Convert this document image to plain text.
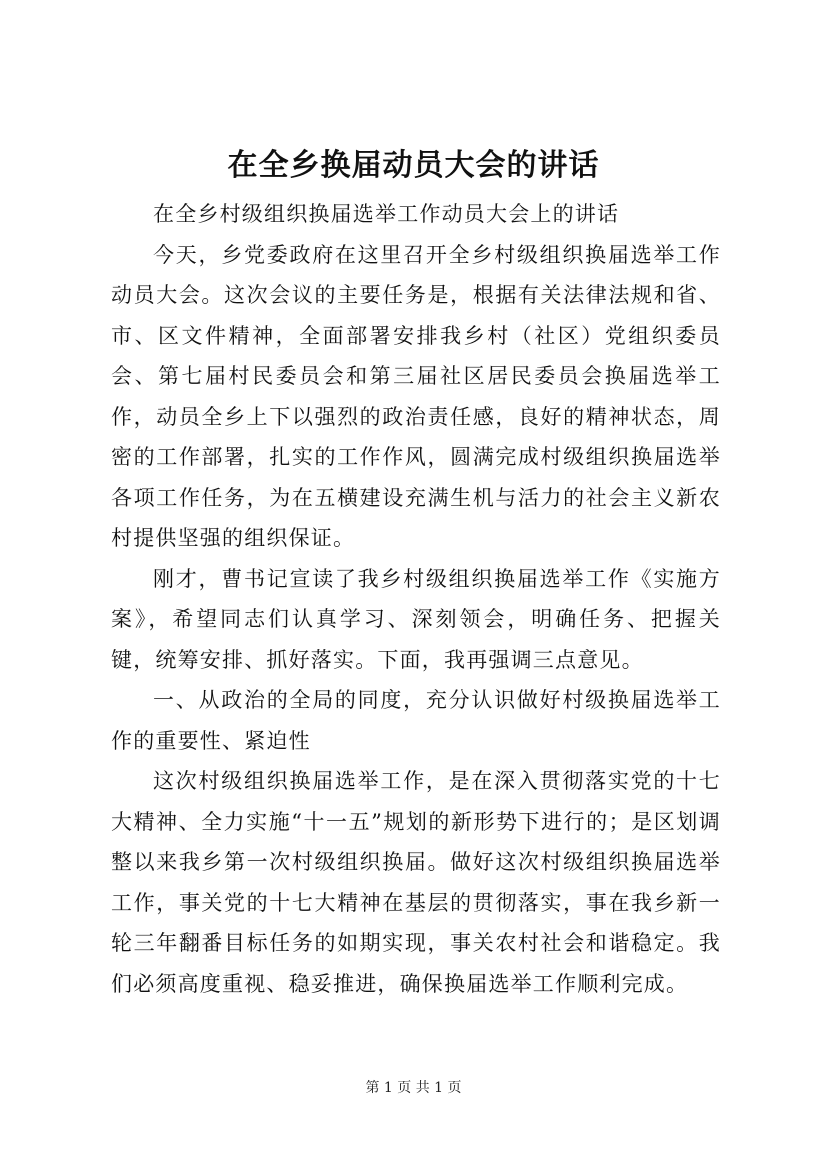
在全乡换届动员大会的讲话

在全乡村级组织换届选举工作动员大会上的讲话

今天，乡党委政府在这里召开全乡村级组织换届选举工作动员大会。这次会议的主要任务是，根据有关法律法规和省、市、区文件精神，全面部署安排我乡村（社区）党组织委员会、第七届村民委员会和第三届社区居民委员会换届选举工作，动员全乡上下以强烈的政治责任感，良好的精神状态，周密的工作部署，扎实的工作作风，圆满完成村级组织换届选举各项工作任务，为在五横建设充满生机与活力的社会主义新农村提供坚强的组织保证。

刚才，曹书记宣读了我乡村级组织换届选举工作《实施方案》，希望同志们认真学习、深刻领会，明确任务、把握关键，统筹安排、抓好落实。下面，我再强调三点意见。

一、从政治的全局的同度，充分认识做好村级换届选举工作的重要性、紧迫性

这次村级组织换届选举工作，是在深入贯彻落实党的十七大精神、全力实施“十一五”规划的新形势下进行的；是区划调整以来我乡第一次村级组织换届。做好这次村级组织换届选举工作，事关党的十七大精神在基层的贯彻落实，事在我乡新一轮三年翻番目标任务的如期实现，事关农村社会和谐稳定。我们必须高度重视、稳妥推进，确保换届选举工作顺利完成。

第 1 页 共 1 页
